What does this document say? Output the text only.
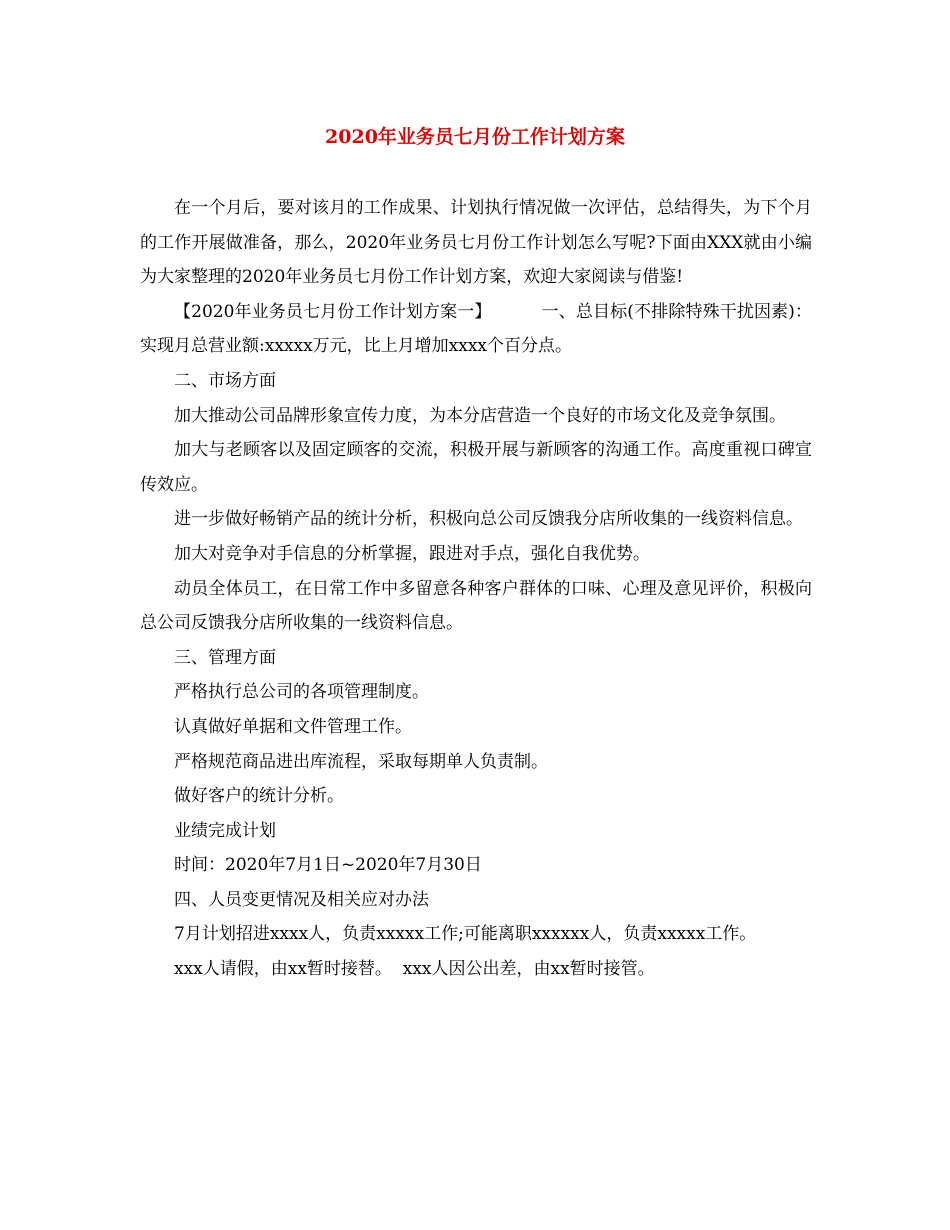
2020年业务员七月份工作计划方案

在一个月后，要对该月的工作成果、计划执行情况做一次评估，总结得失，为下个月的工作开展做准备，那么，2020年业务员七月份工作计划怎么写呢?下面由XXX就由小编为大家整理的2020年业务员七月份工作计划方案，欢迎大家阅读与借鉴!

【2020年业务员七月份工作计划方案一】	一、总目标(不排除特殊干扰因素)：实现月总营业额:xxxxx万元，比上月增加xxxx个百分点。

二、市场方面

加大推动公司品牌形象宣传力度，为本分店营造一个良好的市场文化及竞争氛围。

加大与老顾客以及固定顾客的交流，积极开展与新顾客的沟通工作。高度重视口碑宣传效应。

进一步做好畅销产品的统计分析，积极向总公司反馈我分店所收集的一线资料信息。

加大对竞争对手信息的分析掌握，跟进对手点，强化自我优势。

动员全体员工，在日常工作中多留意各种客户群体的口味、心理及意见评价，积极向总公司反馈我分店所收集的一线资料信息。

三、管理方面

严格执行总公司的各项管理制度。

认真做好单据和文件管理工作。

严格规范商品进出库流程，采取每期单人负责制。

做好客户的统计分析。

业绩完成计划

时间：2020年7月1日~2020年7月30日

四、人员变更情况及相关应对办法

7月计划招进xxxx人，负责xxxxx工作;可能离职xxxxxx人，负责xxxxx工作。

xxx人请假，由xx暂时接替。 xxx人因公出差，由xx暂时接管。
